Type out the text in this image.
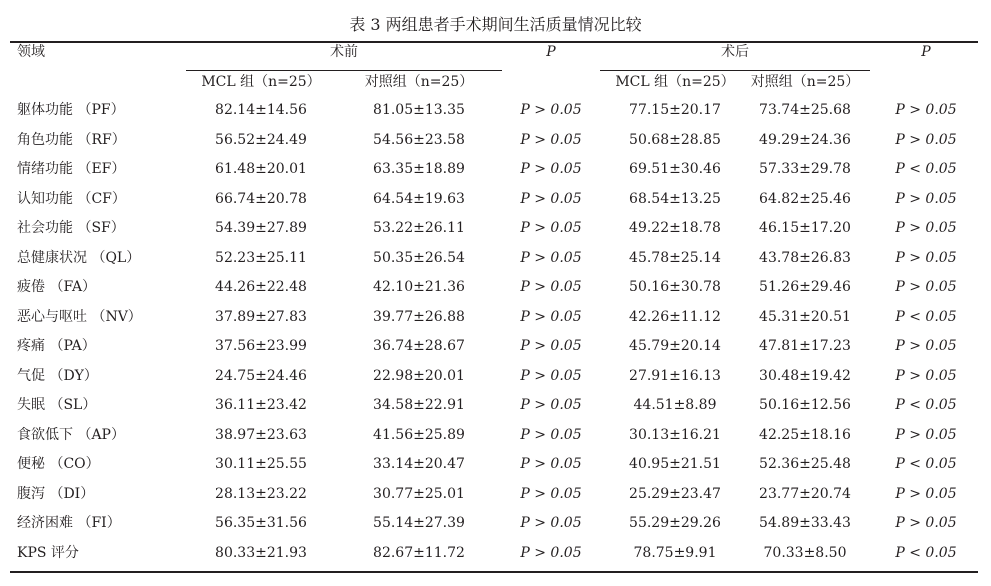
表 3 两组患者手术期间生活质量情况比较
领域	术前	P	术后	P
MCL 组（n=25）	对照组（n=25）	MCL 组（n=25）	对照组（n=25）
躯体功能 （PF）	82.14±14.56	81.05±13.35	P > 0.05	77.15±20.17	73.74±25.68	P > 0.05
角色功能 （RF）	56.52±24.49	54.56±23.58	P > 0.05	50.68±28.85	49.29±24.36	P > 0.05
情绪功能 （EF）	61.48±20.01	63.35±18.89	P > 0.05	69.51±30.46	57.33±29.78	P < 0.05
认知功能 （CF）	66.74±20.78	64.54±19.63	P > 0.05	68.54±13.25	64.82±25.46	P > 0.05
社会功能 （SF）	54.39±27.89	53.22±26.11	P > 0.05	49.22±18.78	46.15±17.20	P > 0.05
总健康状况 （QL）	52.23±25.11	50.35±26.54	P > 0.05	45.78±25.14	43.78±26.83	P > 0.05
疲倦 （FA）	44.26±22.48	42.10±21.36	P > 0.05	50.16±30.78	51.26±29.46	P > 0.05
恶心与呕吐 （NV）	37.89±27.83	39.77±26.88	P > 0.05	42.26±11.12	45.31±20.51	P < 0.05
疼痛 （PA）	37.56±23.99	36.74±28.67	P > 0.05	45.79±20.14	47.81±17.23	P > 0.05
气促 （DY）	24.75±24.46	22.98±20.01	P > 0.05	27.91±16.13	30.48±19.42	P > 0.05
失眠 （SL）	36.11±23.42	34.58±22.91	P > 0.05	44.51±8.89	50.16±12.56	P < 0.05
食欲低下 （AP）	38.97±23.63	41.56±25.89	P > 0.05	30.13±16.21	42.25±18.16	P > 0.05
便秘 （CO）	30.11±25.55	33.14±20.47	P > 0.05	40.95±21.51	52.36±25.48	P < 0.05
腹泻 （DI）	28.13±23.22	30.77±25.01	P > 0.05	25.29±23.47	23.77±20.74	P > 0.05
经济困难 （FI）	56.35±31.56	55.14±27.39	P > 0.05	55.29±29.26	54.89±33.43	P > 0.05
KPS 评分	80.33±21.93	82.67±11.72	P > 0.05	78.75±9.91	70.33±8.50	P < 0.05
